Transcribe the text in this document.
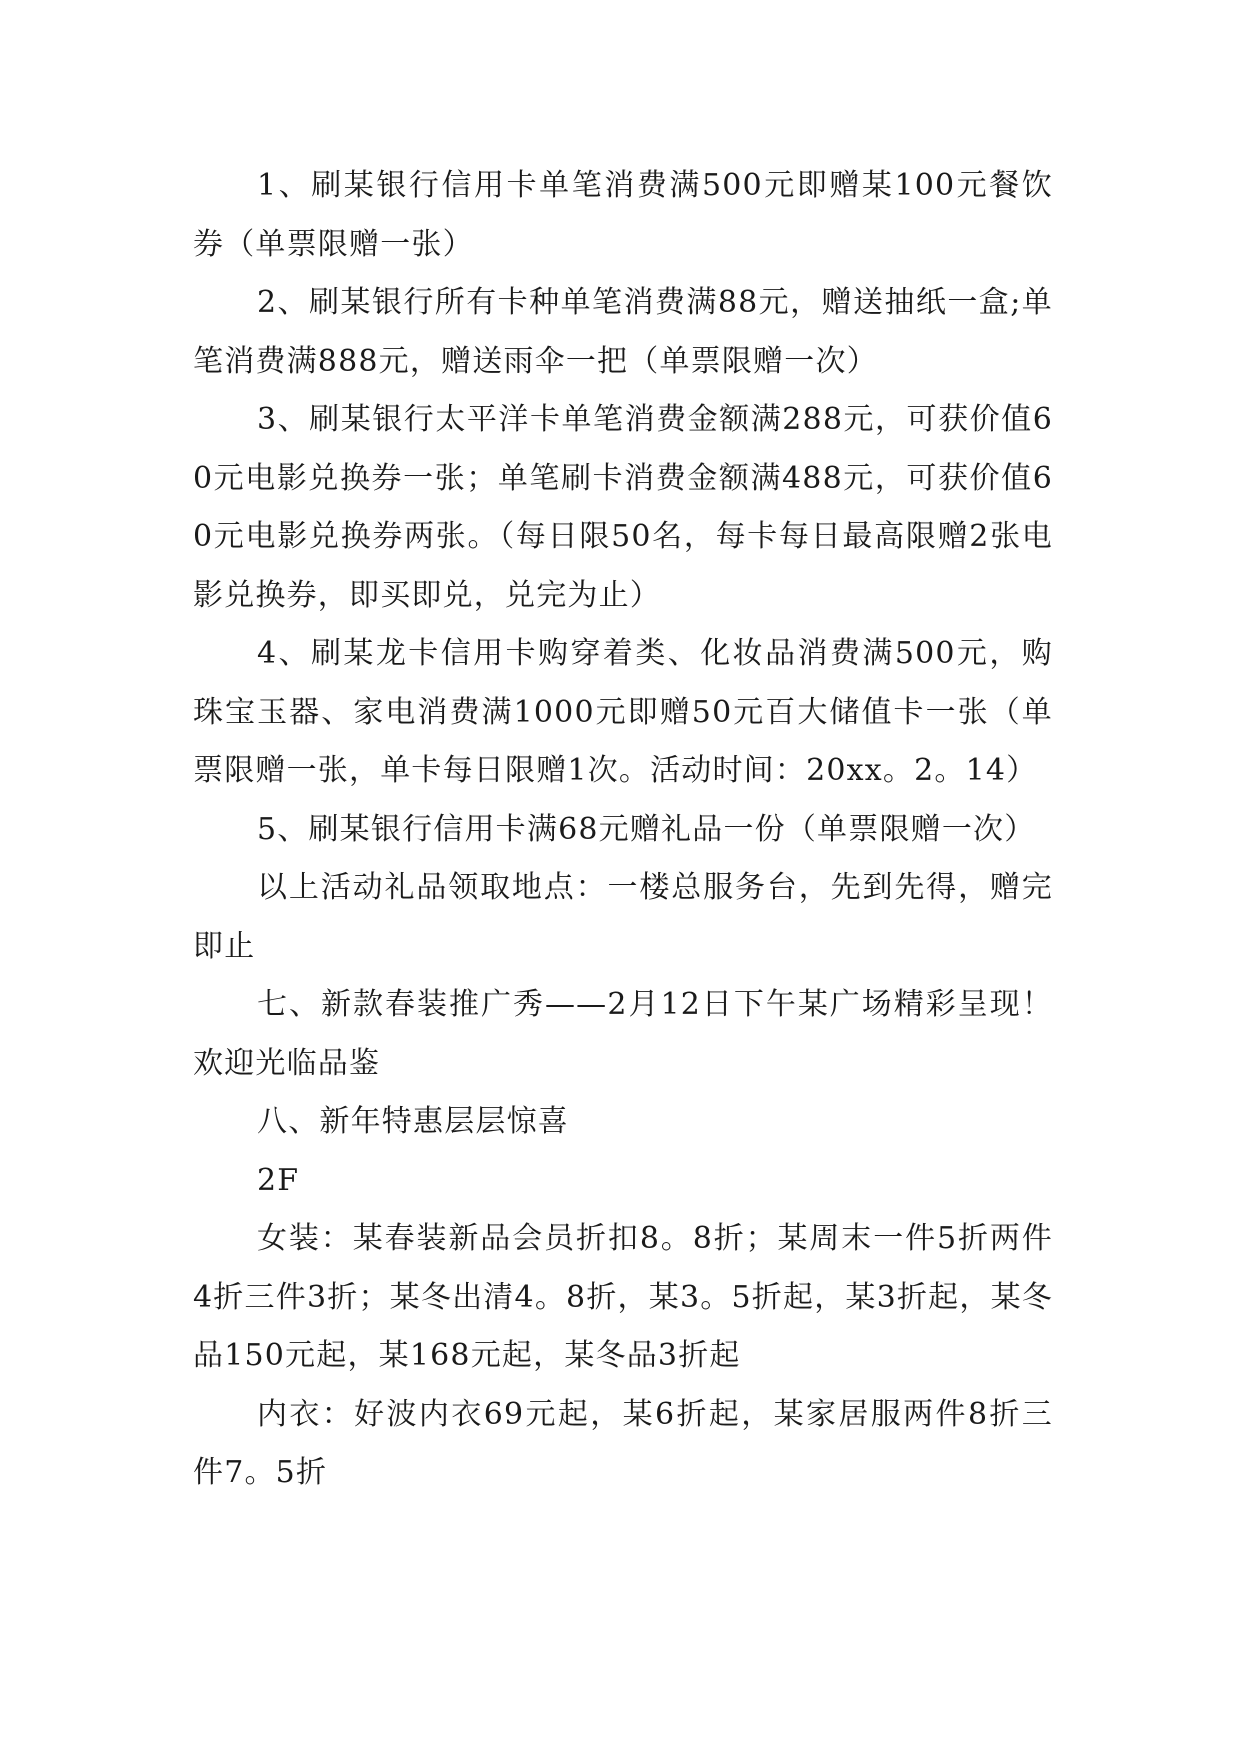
1、刷某银行信用卡单笔消费满500元即赠某100元餐饮券（单票限赠一张）

2、刷某银行所有卡种单笔消费满88元，赠送抽纸一盒;单笔消费满888元，赠送雨伞一把（单票限赠一次）

3、刷某银行太平洋卡单笔消费金额满288元，可获价值60元电影兑换券一张；单笔刷卡消费金额满488元，可获价值60元电影兑换券两张。（每日限50名，每卡每日最高限赠2张电影兑换券，即买即兑，兑完为止）

4、刷某龙卡信用卡购穿着类、化妆品消费满500元，购珠宝玉器、家电消费满1000元即赠50元百大储值卡一张（单票限赠一张，单卡每日限赠1次。活动时间：20xx。2。14）

5、刷某银行信用卡满68元赠礼品一份（单票限赠一次）

以上活动礼品领取地点：一楼总服务台，先到先得，赠完即止

七、新款春装推广秀——2月12日下午某广场精彩呈现！欢迎光临品鉴

八、新年特惠层层惊喜

2F

女装：某春装新品会员折扣8。8折；某周末一件5折两件4折三件3折；某冬出清4。8折，某3。5折起，某3折起，某冬品150元起，某168元起，某冬品3折起

内衣：好波内衣69元起，某6折起，某家居服两件8折三件7。5折
